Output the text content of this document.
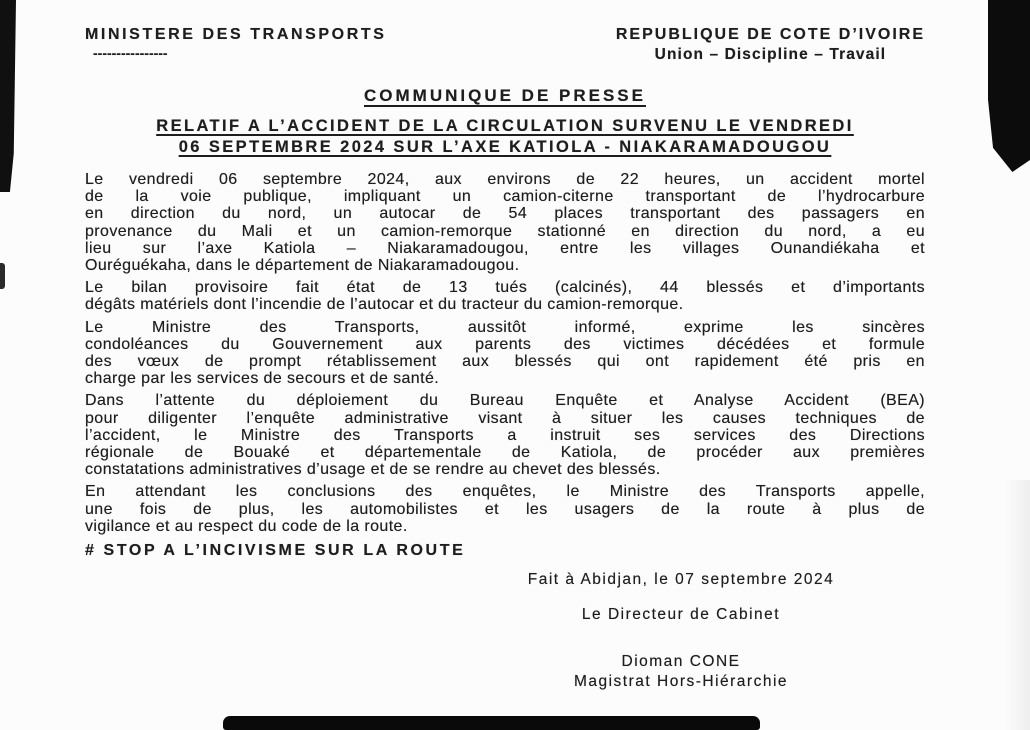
MINISTERE DES TRANSPORTS
----------------
REPUBLIQUE DE COTE D’IVOIRE
Union – Discipline – Travail
COMMUNIQUE DE PRESSE
RELATIF A L’ACCIDENT DE LA CIRCULATION SURVENU LE VENDREDI
06 SEPTEMBRE 2024 SUR L’AXE KATIOLA - NIAKARAMADOUGOU
Le vendredi 06 septembre 2024, aux environs de 22 heures, un accident mortel
de la voie publique, impliquant un camion-citerne transportant de l’hydrocarbure
en direction du nord, un autocar de 54 places transportant des passagers en
provenance du Mali et un camion-remorque stationné en direction du nord, a eu
lieu sur l’axe Katiola – Niakaramadougou, entre les villages Ounandiékaha et
Ouréguékaha, dans le département de Niakaramadougou.
Le bilan provisoire fait état de 13 tués (calcinés), 44 blessés et d’importants
dégâts matériels dont l’incendie de l’autocar et du tracteur du camion-remorque.
Le Ministre des Transports, aussitôt informé, exprime les sincères
condoléances du Gouvernement aux parents des victimes décédées et formule
des vœux de prompt rétablissement aux blessés qui ont rapidement été pris en
charge par les services de secours et de santé.
Dans l’attente du déploiement du Bureau Enquête et Analyse Accident (BEA)
pour diligenter l’enquête administrative visant à situer les causes techniques de
l’accident, le Ministre des Transports a instruit ses services des Directions
régionale de Bouaké et départementale de Katiola, de procéder aux premières
constatations administratives d’usage et de se rendre au chevet des blessés.
En attendant les conclusions des enquêtes, le Ministre des Transports appelle,
une fois de plus, les automobilistes et les usagers de la route à plus de
vigilance et au respect du code de la route.
# STOP A L’INCIVISME SUR LA ROUTE
Fait à Abidjan, le 07 septembre 2024
Le Directeur de Cabinet
Dioman CONE
Magistrat Hors-Hiérarchie
